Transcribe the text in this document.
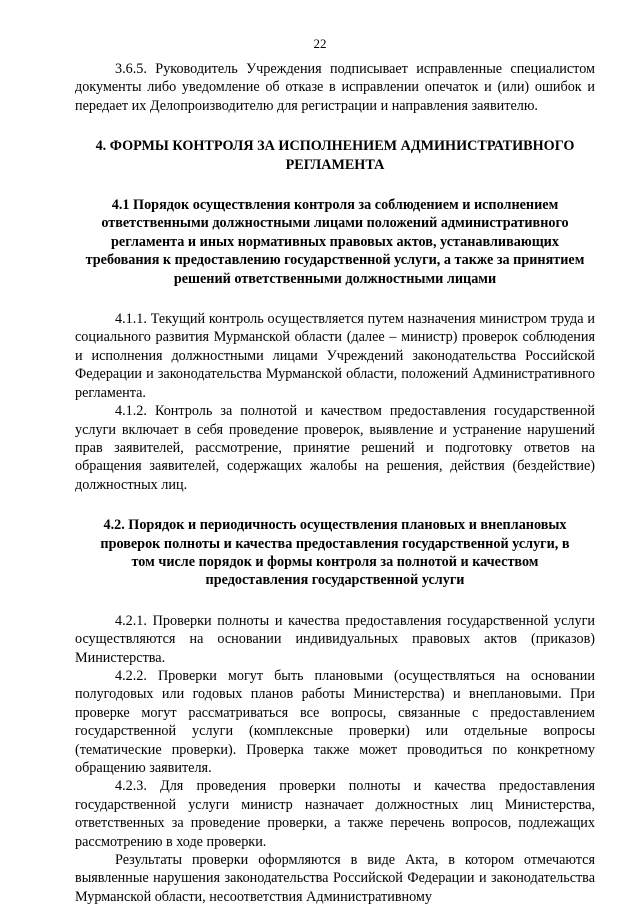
22

3.6.5. Руководитель Учреждения подписывает исправленные специалистом документы либо уведомление об отказе в исправлении опечаток и (или) ошибок и передает их Делопроизводителю для регистрации и направления заявителю.

4. ФОРМЫ КОНТРОЛЯ ЗА ИСПОЛНЕНИЕМ АДМИНИСТРАТИВНОГО РЕГЛАМЕНТА
4.1 Порядок осуществления контроля за соблюдением и исполнением ответственными должностными лицами положений административного регламента и иных нормативных правовых актов, устанавливающих требования к предоставлению государственной услуги, а также за принятием решений ответственными должностными лицами

4.1.1. Текущий контроль осуществляется путем назначения министром труда и социального развития Мурманской области (далее – министр) проверок соблюдения и исполнения должностными лицами Учреждений законодательства Российской Федерации и законодательства Мурманской области, положений Административного регламента.

4.1.2. Контроль за полнотой и качеством предоставления государственной услуги включает в себя проведение проверок, выявление и устранение нарушений прав заявителей, рассмотрение, принятие решений и подготовку ответов на обращения заявителей, содержащих жалобы на решения, действия (бездействие) должностных лиц.

4.2. Порядок и периодичность осуществления плановых и внеплановых проверок полноты и качества предоставления государственной услуги, в том числе порядок и формы контроля за полнотой и качеством предоставления государственной услуги

4.2.1. Проверки полноты и качества предоставления государственной услуги осуществляются на основании индивидуальных правовых актов (приказов) Министерства.

4.2.2. Проверки могут быть плановыми (осуществляться на основании полугодовых или годовых планов работы Министерства) и внеплановыми. При проверке могут рассматриваться все вопросы, связанные с предоставлением государственной услуги (комплексные проверки) или отдельные вопросы (тематические проверки). Проверка также может проводиться по конкретному обращению заявителя.

4.2.3. Для проведения проверки полноты и качества предоставления государственной услуги министр назначает должностных лиц Министерства, ответственных за проведение проверки, а также перечень вопросов, подлежащих рассмотрению в ходе проверки.

Результаты проверки оформляются в виде Акта, в котором отмечаются выявленные нарушения законодательства Российской Федерации и законодательства Мурманской области, несоответствия Административному
